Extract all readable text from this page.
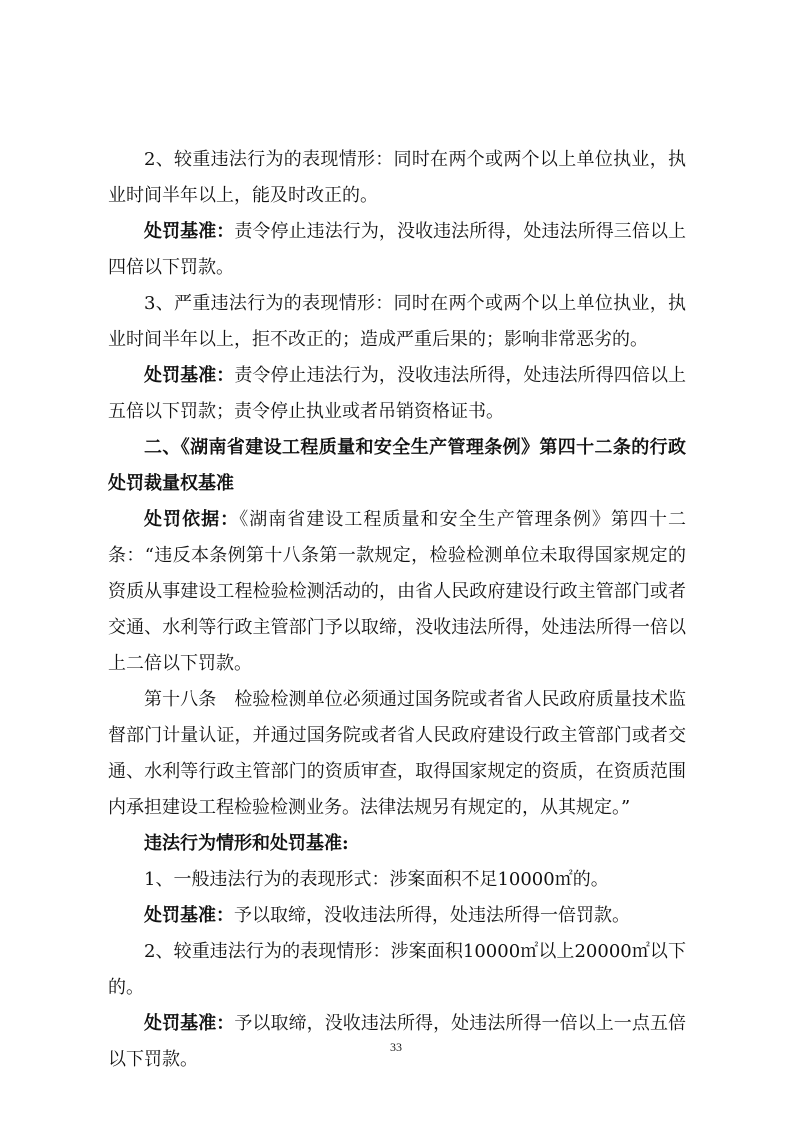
2、较重违法行为的表现情形：同时在两个或两个以上单位执业，执业时间半年以上，能及时改正的。

处罚基准：责令停止违法行为，没收违法所得，处违法所得三倍以上四倍以下罚款。

3、严重违法行为的表现情形：同时在两个或两个以上单位执业，执业时间半年以上，拒不改正的；造成严重后果的；影响非常恶劣的。

处罚基准：责令停止违法行为，没收违法所得，处违法所得四倍以上五倍以下罚款；责令停止执业或者吊销资格证书。

二、《湖南省建设工程质量和安全生产管理条例》第四十二条的行政处罚裁量权基准

处罚依据：《湖南省建设工程质量和安全生产管理条例》第四十二条：“违反本条例第十八条第一款规定，检验检测单位未取得国家规定的资质从事建设工程检验检测活动的，由省人民政府建设行政主管部门或者交通、水利等行政主管部门予以取缔，没收违法所得，处违法所得一倍以上二倍以下罚款。

第十八条　检验检测单位必须通过国务院或者省人民政府质量技术监督部门计量认证，并通过国务院或者省人民政府建设行政主管部门或者交通、水利等行政主管部门的资质审查，取得国家规定的资质，在资质范围内承担建设工程检验检测业务。法律法规另有规定的，从其规定。”

违法行为情形和处罚基准:

1、一般违法行为的表现形式：涉案面积不足10000㎡的。

处罚基准：予以取缔，没收违法所得，处违法所得一倍罚款。

2、较重违法行为的表现情形：涉案面积10000㎡以上20000㎡以下的。

处罚基准：予以取缔，没收违法所得，处违法所得一倍以上一点五倍以下罚款。

33
